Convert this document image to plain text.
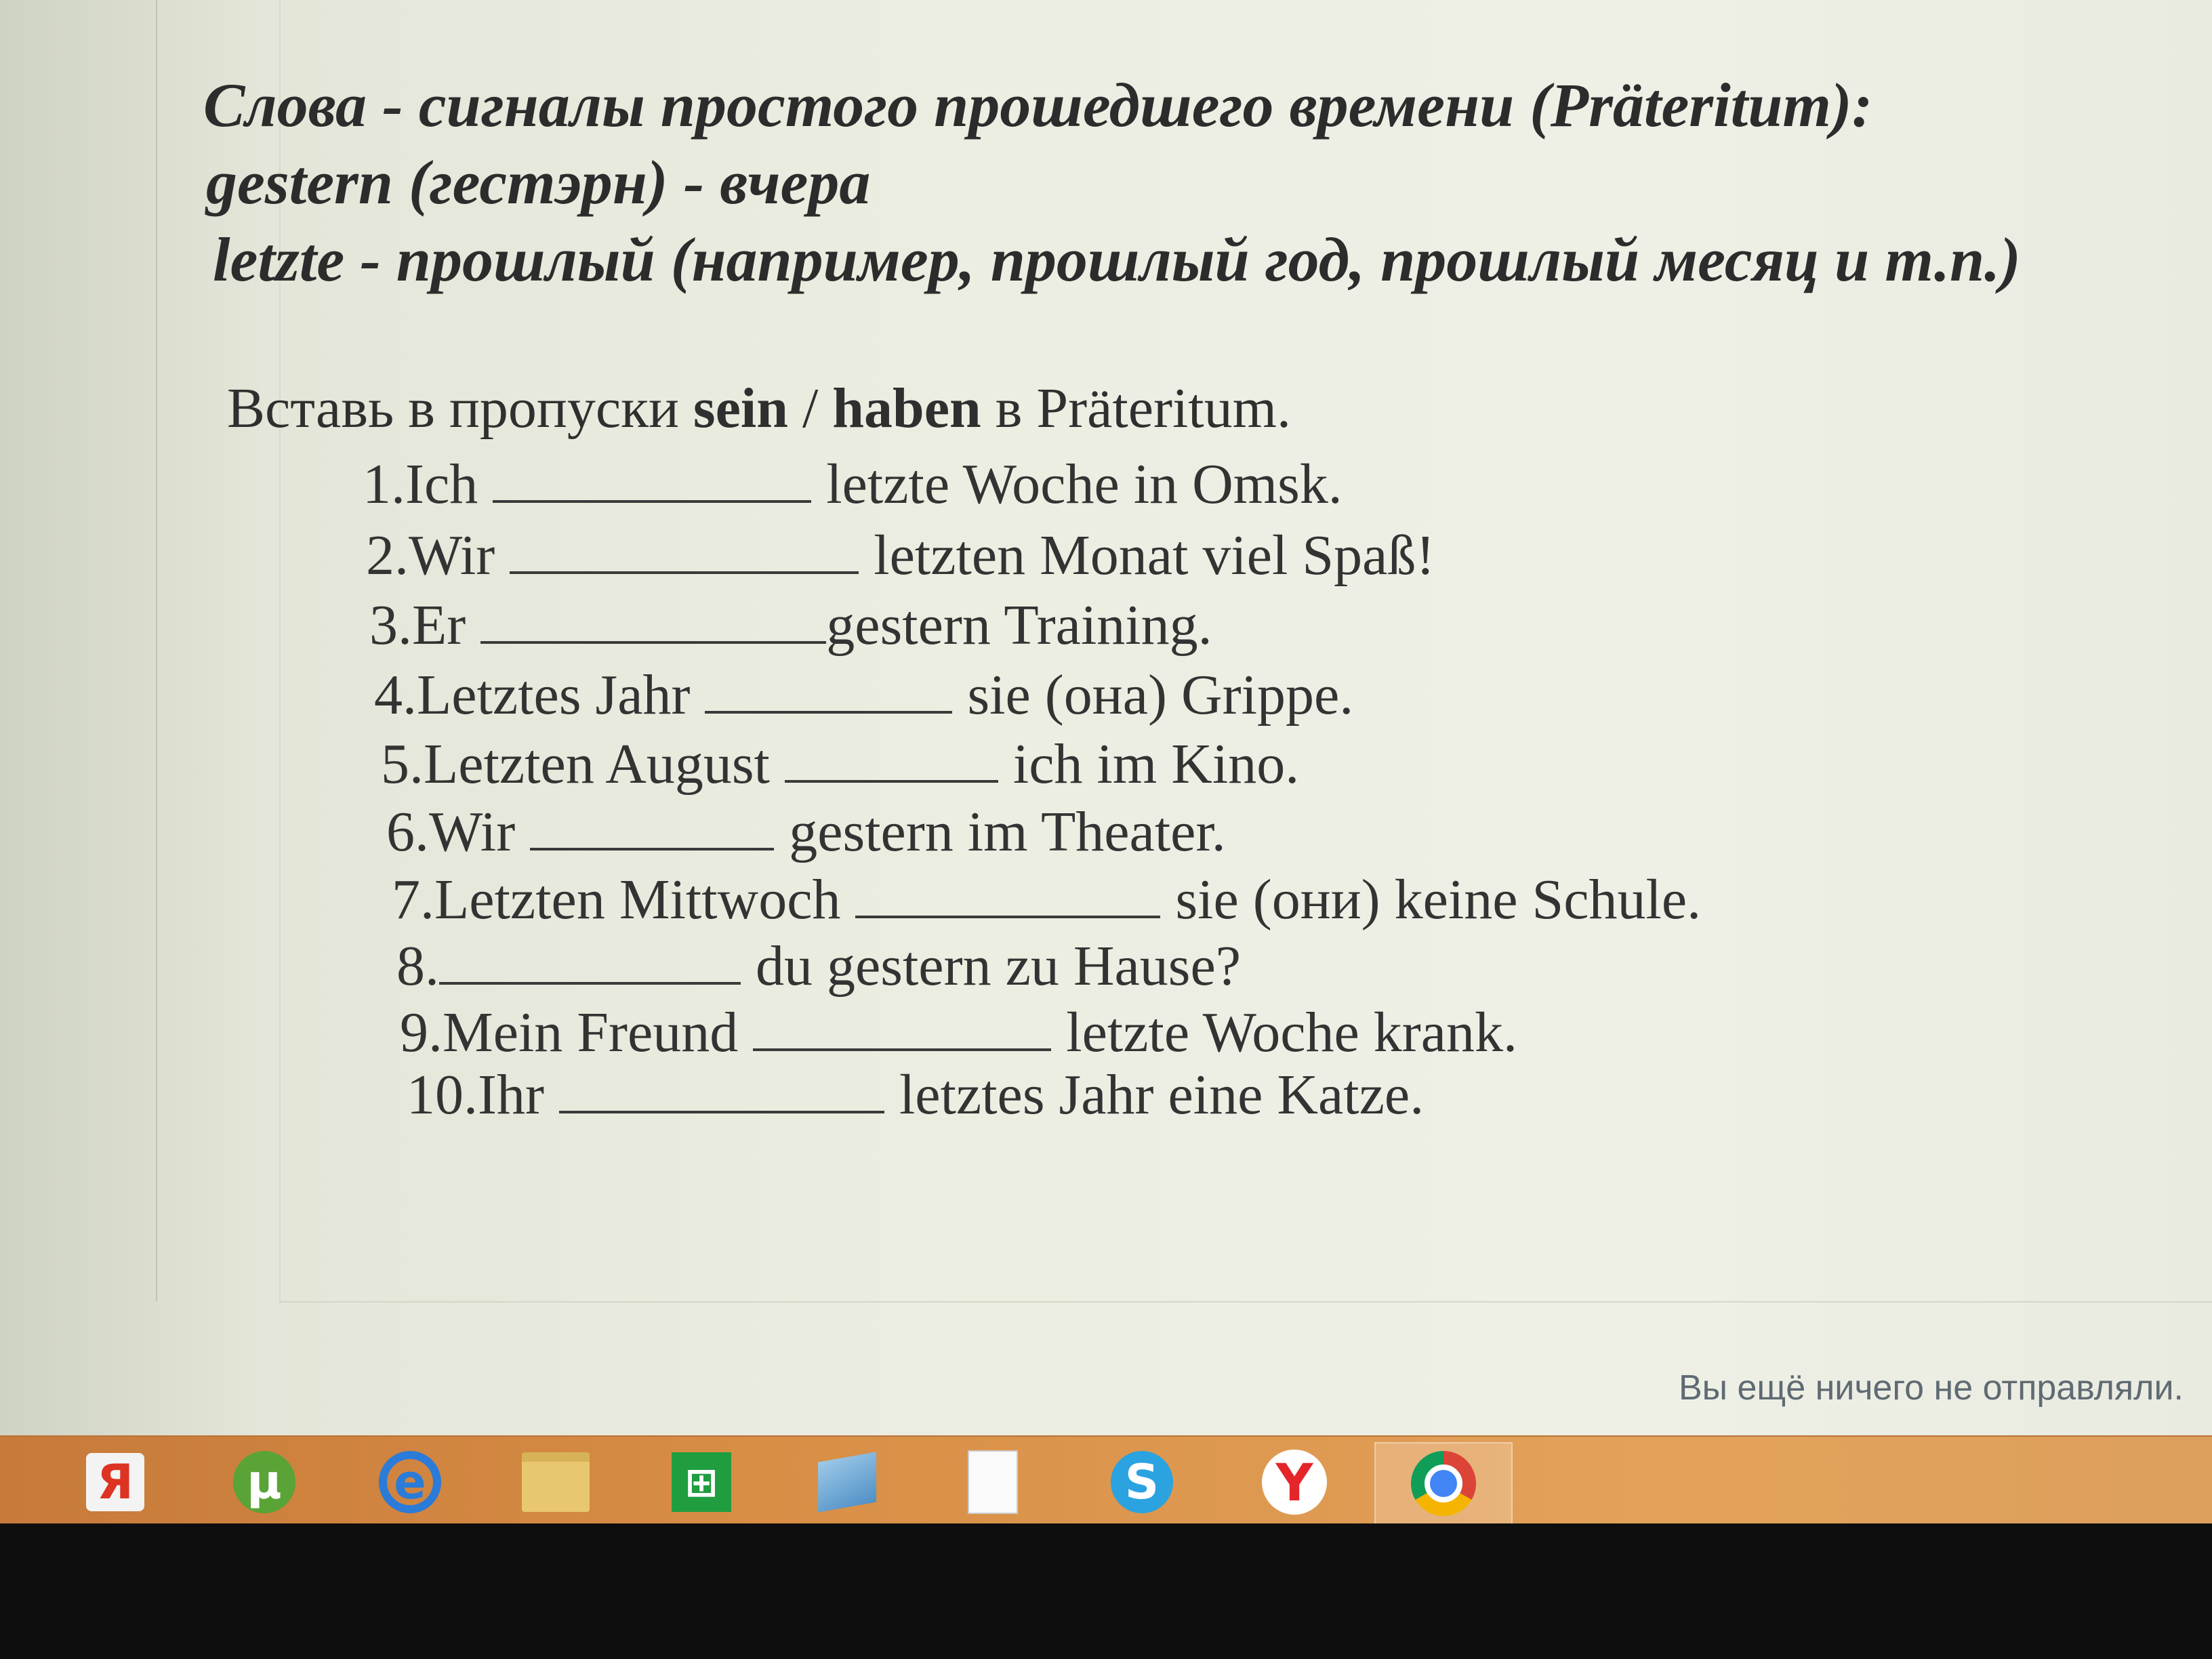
Слова - сигналы простого прошедшего времени (Präteritum):

gestern (гестэрн) - вчера

letzte - прошлый (например, прошлый год, прошлый месяц и т.п.)

Вставь в пропуски sein / haben в Präteritum.

1.Ich	letzte Woche in Omsk.

2.Wir	letzten Monat viel Spaß!

3.Er	gestern Training.

4.Letztes Jahr	sie (она) Grippe.

5.Letzten August	ich im Kino.

6.Wir	gestern im Theater.

7.Letzten Mittwoch	sie (они) keine Schule.

8.	du gestern zu Hause?

9.Mein Freund	letzte Woche krank.

10.Ihr	letztes Jahr eine Katze.

Вы ещё ничего не отправляли.

Я µ	e	⊞	S Y
